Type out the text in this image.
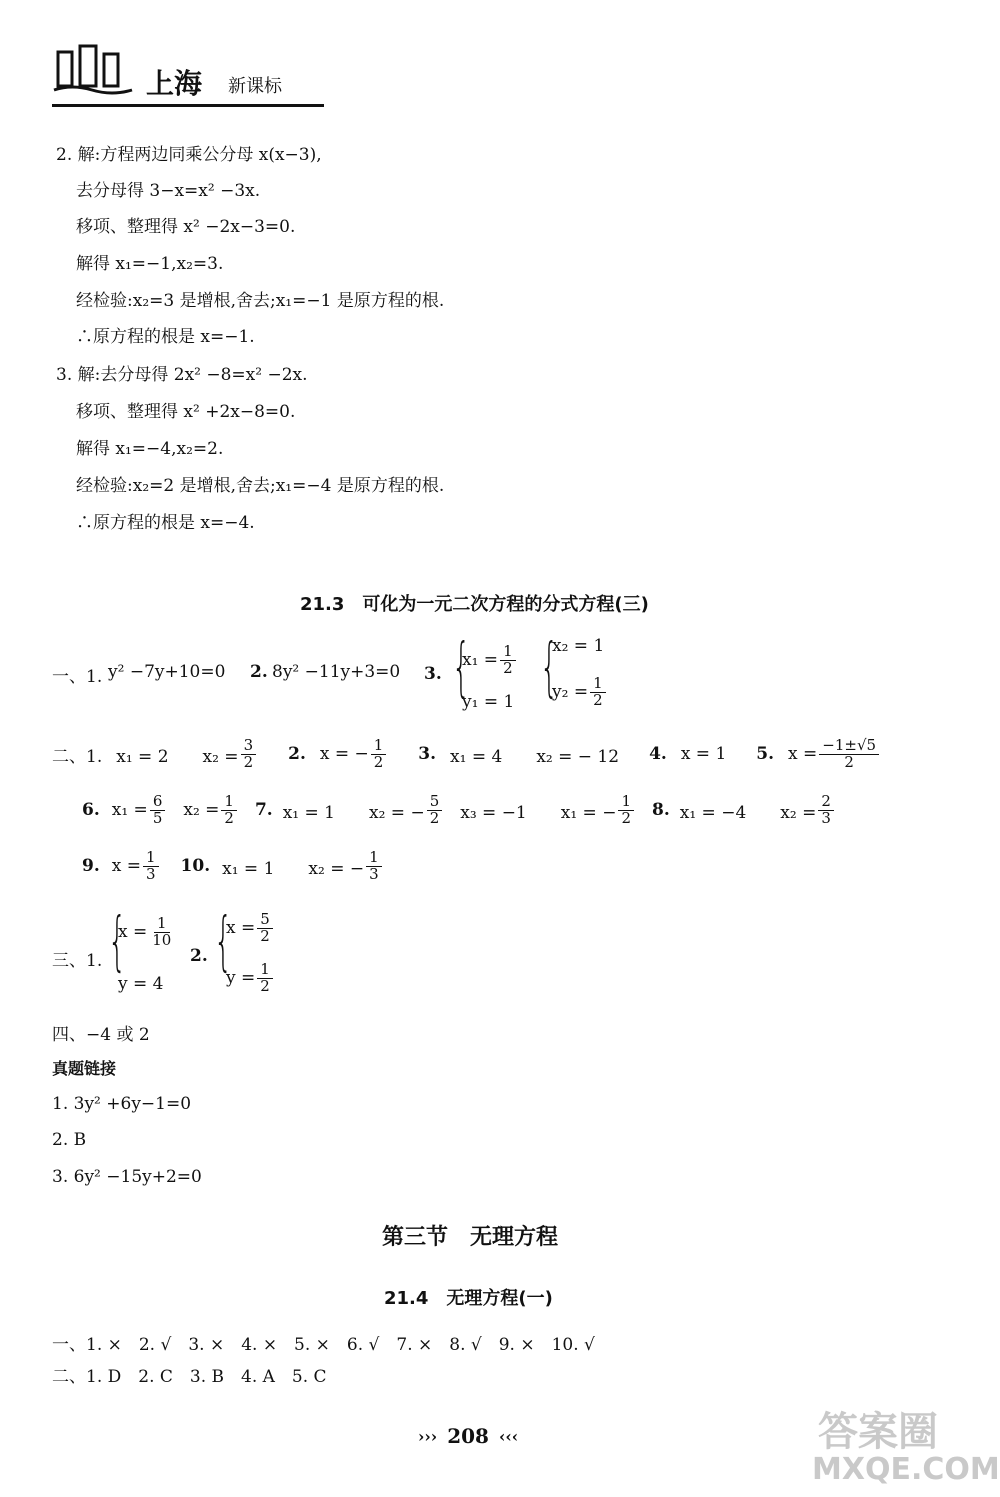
上海 新课标
2. 解:方程两边同乘公分母 x(x−3),
去分母得 3−x=x² −3x.
移项、整理得 x² −2x−3=0.
解得 x₁=−1,x₂=3.
经检验:x₂=3 是增根,舍去;x₁=−1 是原方程的根.
∴原方程的根是 x=−1.
3. 解:去分母得 2x² −8=x² −2x.
移项、整理得 x² +2x−8=0.
解得 x₁=−4,x₂=2.
经检验:x₂=2 是增根,舍去;x₁=−4 是原方程的根.
∴原方程的根是 x=−4.
21.3　可化为一元二次方程的分式方程(三)
一、1. y² −7y+10=0 2. 8y² −11y+3=0 3. {
$x_1 = \frac{1}{2}$
y₁ = 1 {
x₂ = 1
$y_2 = \frac{1}{2}$
二、1. x₁ = 2　　$x_2 = \frac{3}{2} 2$. x = − $\frac{1}{2} 3$. x₁ = 4　　x₂ = − 12 4. x = 1 5. $x = \frac{-1\pm√5}{2}$
6. $x_1 = \frac{6}{5} x_2 = \frac{1}{2} 7$. x₁ = 1　　x₂ = − $\frac{5}{2} x_3 = -1$　　x₁ = − $\frac{1}{2} 8$. x₁ = −4　　$x_2 = \frac{2}{3}$
9. $x = \frac{1}{3} 10$. x₁ = 1　　x₂ = − $\frac{1}{3}$
三、1. {
$x = \frac{1}{10}$
y = 4
2. {
$x = \frac{5}{2}$
$y = \frac{1}{2}$
四、−4 或 2
真题链接
1. 3y² +6y−1=0
2. B
3. 6y² −15y+2=0
第三节　无理方程
21.4　无理方程(一)
一、1. ×　2. √　3. ×　4. ×　5. ×　6. √　7. ×　8. √　9. ×　10. √
二、1. D　2. C　3. B　4. A　5. C
››› 208 ‹‹‹	答案圈
MXQE.COM
